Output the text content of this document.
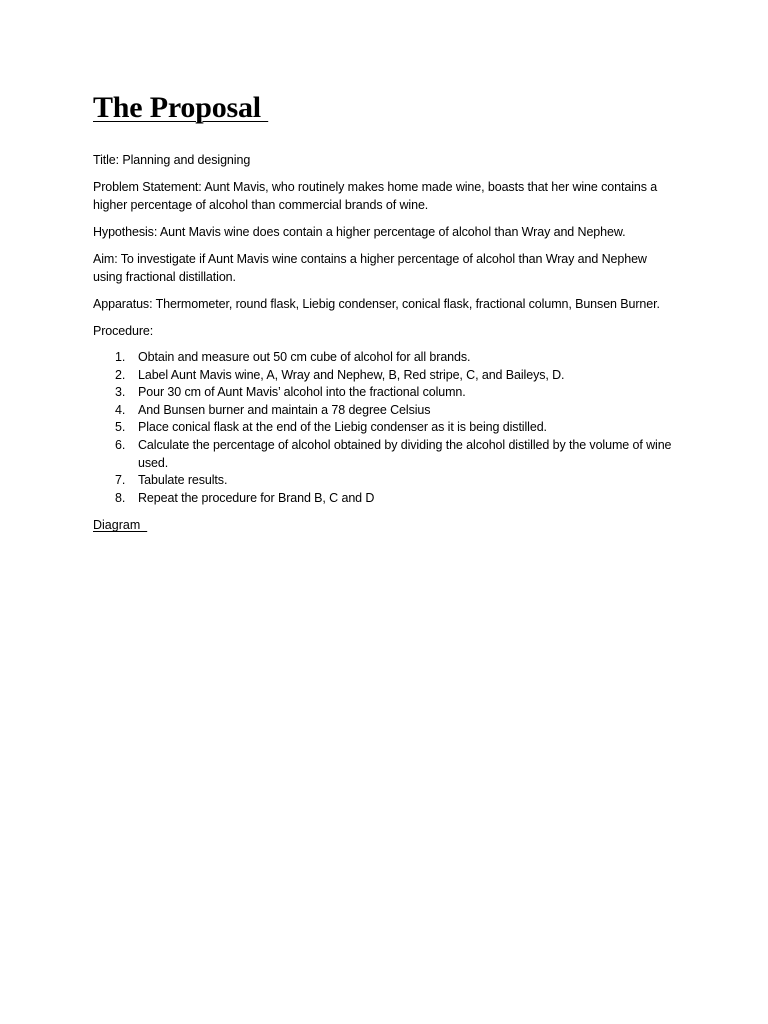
The Proposal

Title: Planning and designing

Problem Statement: Aunt Mavis, who routinely makes home made wine, boasts that her wine contains a higher percentage of alcohol than commercial brands of wine.

Hypothesis: Aunt Mavis wine does contain a higher percentage of alcohol than Wray and Nephew.

Aim: To investigate if Aunt Mavis wine contains a higher percentage of alcohol than Wray and Nephew using fractional distillation.

Apparatus: Thermometer, round flask, Liebig condenser, conical flask, fractional column, Bunsen Burner.

Procedure:

1.	Obtain and measure out 50 cm cube of alcohol for all brands.
2.	Label Aunt Mavis wine, A, Wray and Nephew, B, Red stripe, C, and Baileys, D.
3.	Pour 30 cm of Aunt Mavis’ alcohol into the fractional column.
4.	And Bunsen burner and maintain a 78 degree Celsius
5.	Place conical flask at the end of the Liebig condenser as it is being distilled.
6.	Calculate the percentage of alcohol obtained by dividing the alcohol distilled by the volume of wine used.
7.	Tabulate results.
8.	Repeat the procedure for Brand B, C and D

Diagram
